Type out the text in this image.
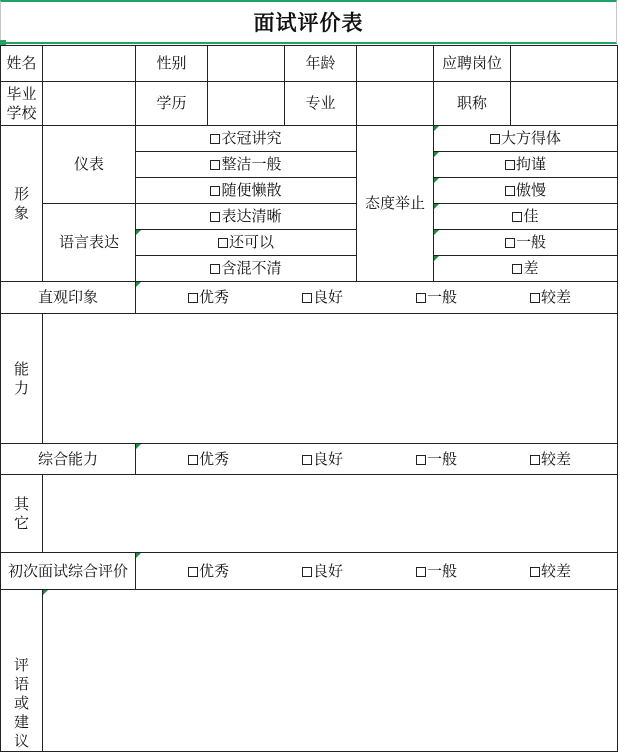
面试评价表
姓名		性别		年龄		应聘岗位	

毕业
学校		学历		专业		职称	

形
象	仪表	衣冠讲究			态度举止	大方得体	
		整洁一般				拘谨	
		随便懒散				傲慢	
	语言表达	表达清晰				佳	
		还可以				一般	
		含混不清				差	
直观印象		优秀 良好 一般 较差					

能
力							

综合能力		优秀 良好 一般 较差					

其
它							

初次面试综合评价		优秀 良好 一般 较差					

评
语
或
建
议							
